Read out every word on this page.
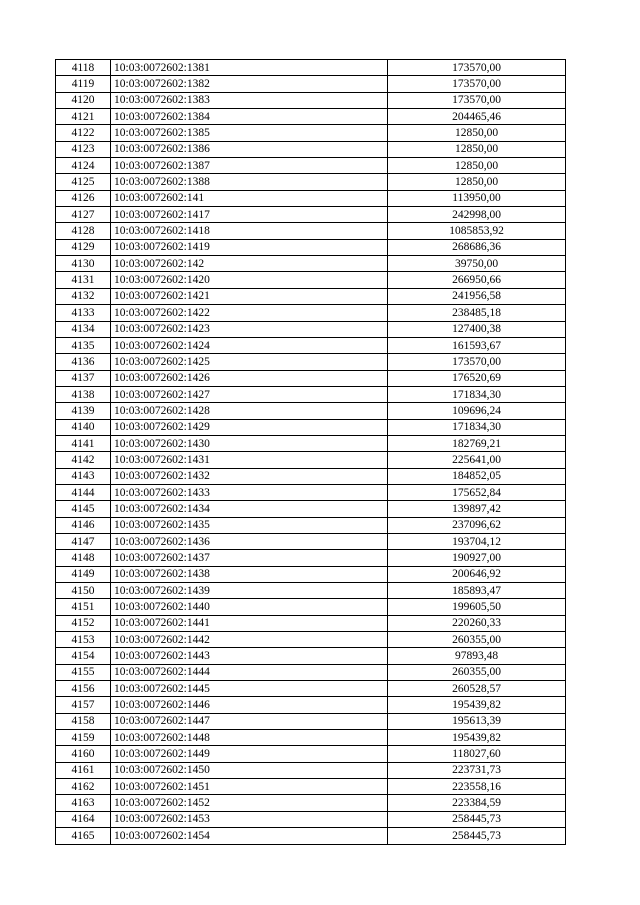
4118	10:03:0072602:1381	173570,00
4119	10:03:0072602:1382	173570,00
4120	10:03:0072602:1383	173570,00
4121	10:03:0072602:1384	204465,46
4122	10:03:0072602:1385	12850,00
4123	10:03:0072602:1386	12850,00
4124	10:03:0072602:1387	12850,00
4125	10:03:0072602:1388	12850,00
4126	10:03:0072602:141	113950,00
4127	10:03:0072602:1417	242998,00
4128	10:03:0072602:1418	1085853,92
4129	10:03:0072602:1419	268686,36
4130	10:03:0072602:142	39750,00
4131	10:03:0072602:1420	266950,66
4132	10:03:0072602:1421	241956,58
4133	10:03:0072602:1422	238485,18
4134	10:03:0072602:1423	127400,38
4135	10:03:0072602:1424	161593,67
4136	10:03:0072602:1425	173570,00
4137	10:03:0072602:1426	176520,69
4138	10:03:0072602:1427	171834,30
4139	10:03:0072602:1428	109696,24
4140	10:03:0072602:1429	171834,30
4141	10:03:0072602:1430	182769,21
4142	10:03:0072602:1431	225641,00
4143	10:03:0072602:1432	184852,05
4144	10:03:0072602:1433	175652,84
4145	10:03:0072602:1434	139897,42
4146	10:03:0072602:1435	237096,62
4147	10:03:0072602:1436	193704,12
4148	10:03:0072602:1437	190927,00
4149	10:03:0072602:1438	200646,92
4150	10:03:0072602:1439	185893,47
4151	10:03:0072602:1440	199605,50
4152	10:03:0072602:1441	220260,33
4153	10:03:0072602:1442	260355,00
4154	10:03:0072602:1443	97893,48
4155	10:03:0072602:1444	260355,00
4156	10:03:0072602:1445	260528,57
4157	10:03:0072602:1446	195439,82
4158	10:03:0072602:1447	195613,39
4159	10:03:0072602:1448	195439,82
4160	10:03:0072602:1449	118027,60
4161	10:03:0072602:1450	223731,73
4162	10:03:0072602:1451	223558,16
4163	10:03:0072602:1452	223384,59
4164	10:03:0072602:1453	258445,73
4165	10:03:0072602:1454	258445,73
